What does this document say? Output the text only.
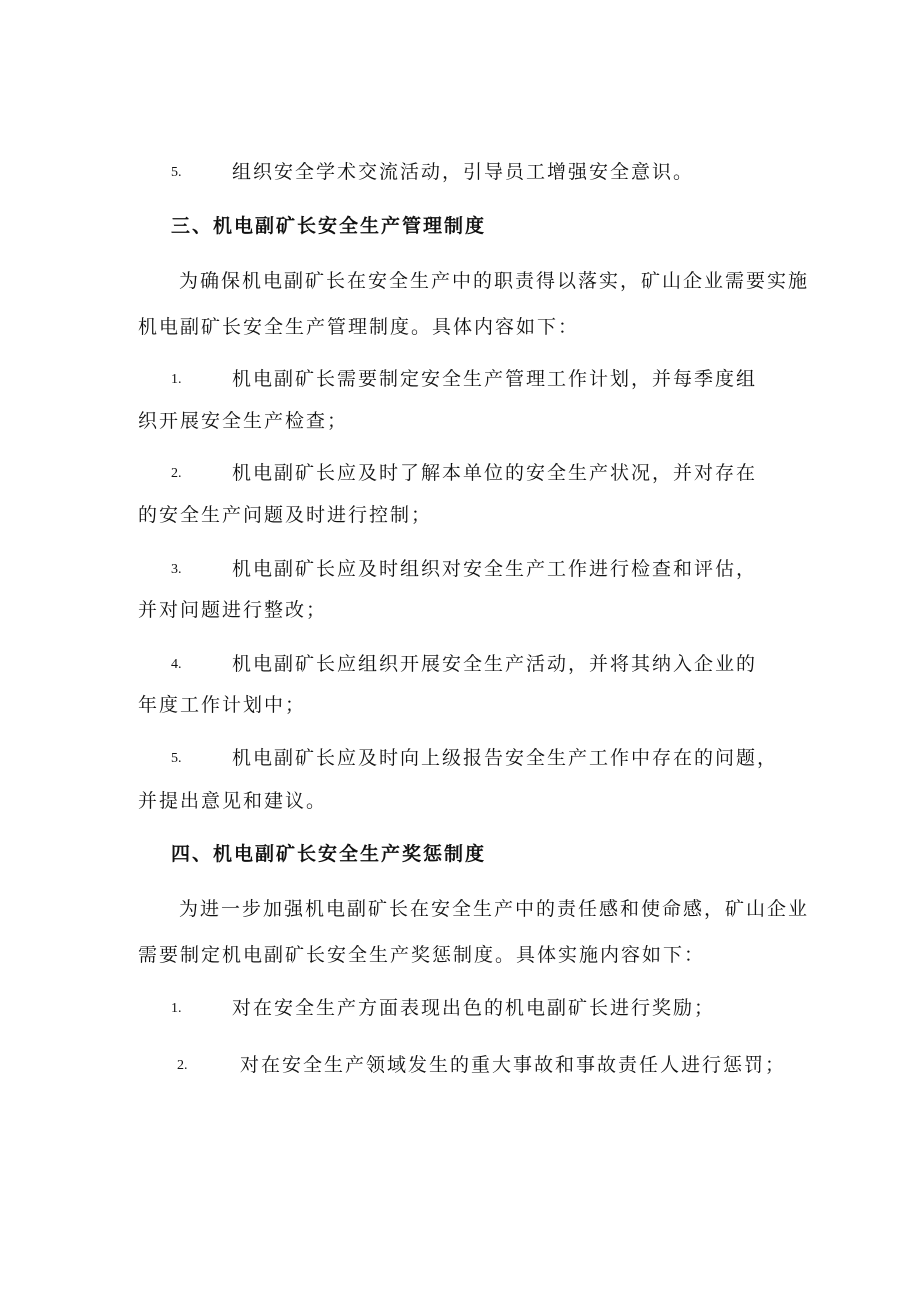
5.	组织安全学术交流活动，引导员工增强安全意识。
三、机电副矿长安全生产管理制度
为确保机电副矿长在安全生产中的职责得以落实，矿山企业需要实施
机电副矿长安全生产管理制度。具体内容如下：
1.	机电副矿长需要制定安全生产管理工作计划，并每季度组
织开展安全生产检查；
2.	机电副矿长应及时了解本单位的安全生产状况，并对存在
的安全生产问题及时进行控制；
3.	机电副矿长应及时组织对安全生产工作进行检查和评估，
并对问题进行整改；
4.	机电副矿长应组织开展安全生产活动，并将其纳入企业的
年度工作计划中；
5.	机电副矿长应及时向上级报告安全生产工作中存在的问题，
并提出意见和建议。
四、机电副矿长安全生产奖惩制度
为进一步加强机电副矿长在安全生产中的责任感和使命感，矿山企业
需要制定机电副矿长安全生产奖惩制度。具体实施内容如下：
1.	对在安全生产方面表现出色的机电副矿长进行奖励；
2.	对在安全生产领域发生的重大事故和事故责任人进行惩罚；
